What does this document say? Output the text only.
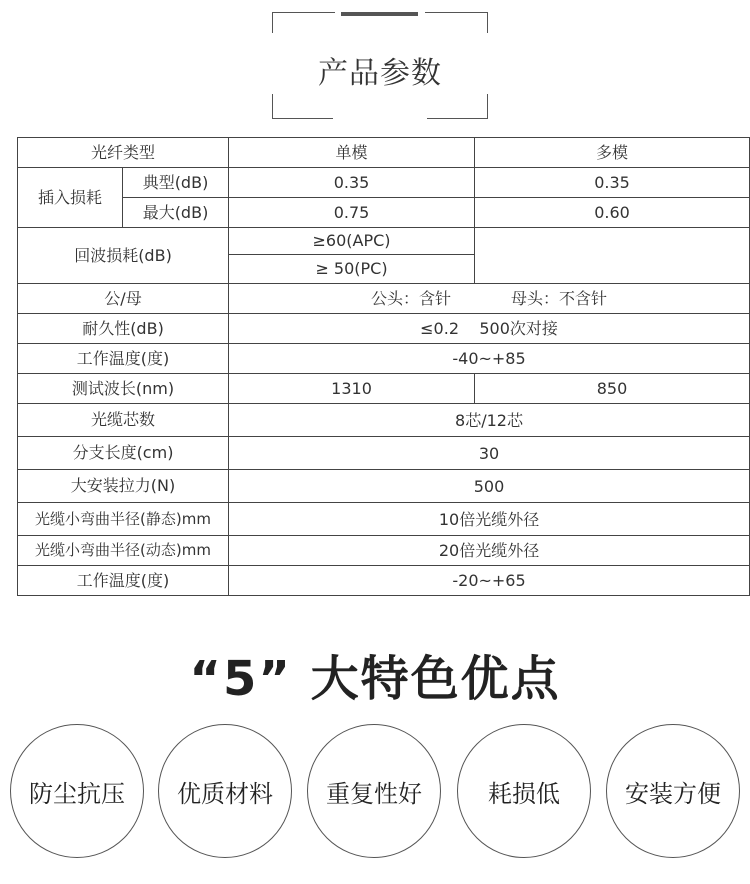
产品参数
光纤类型		单模	多模
插入损耗	典型(dB)	0.35	0.35
	最大(dB)	0.75	0.60
回波损耗(dB)		≥60(APC)	
		≥ 50(PC)	
公/母		公头：含针 母头：不含针	
耐久性(dB)		≤0.2    500次对接	
工作温度(度)		-40~+85	
测试波长(nm)		1310	850
光缆芯数		8芯/12芯	
分支长度(cm)		30	
大安装拉力(N)		500	
光缆小弯曲半径(静态)mm		10倍光缆外径	
光缆小弯曲半径(动态)mm		20倍光缆外径	
工作温度(度)		-20~+65	
“5” 大特色优点
防尘抗压	优质材料	重复性好	耗损低	安装方便
